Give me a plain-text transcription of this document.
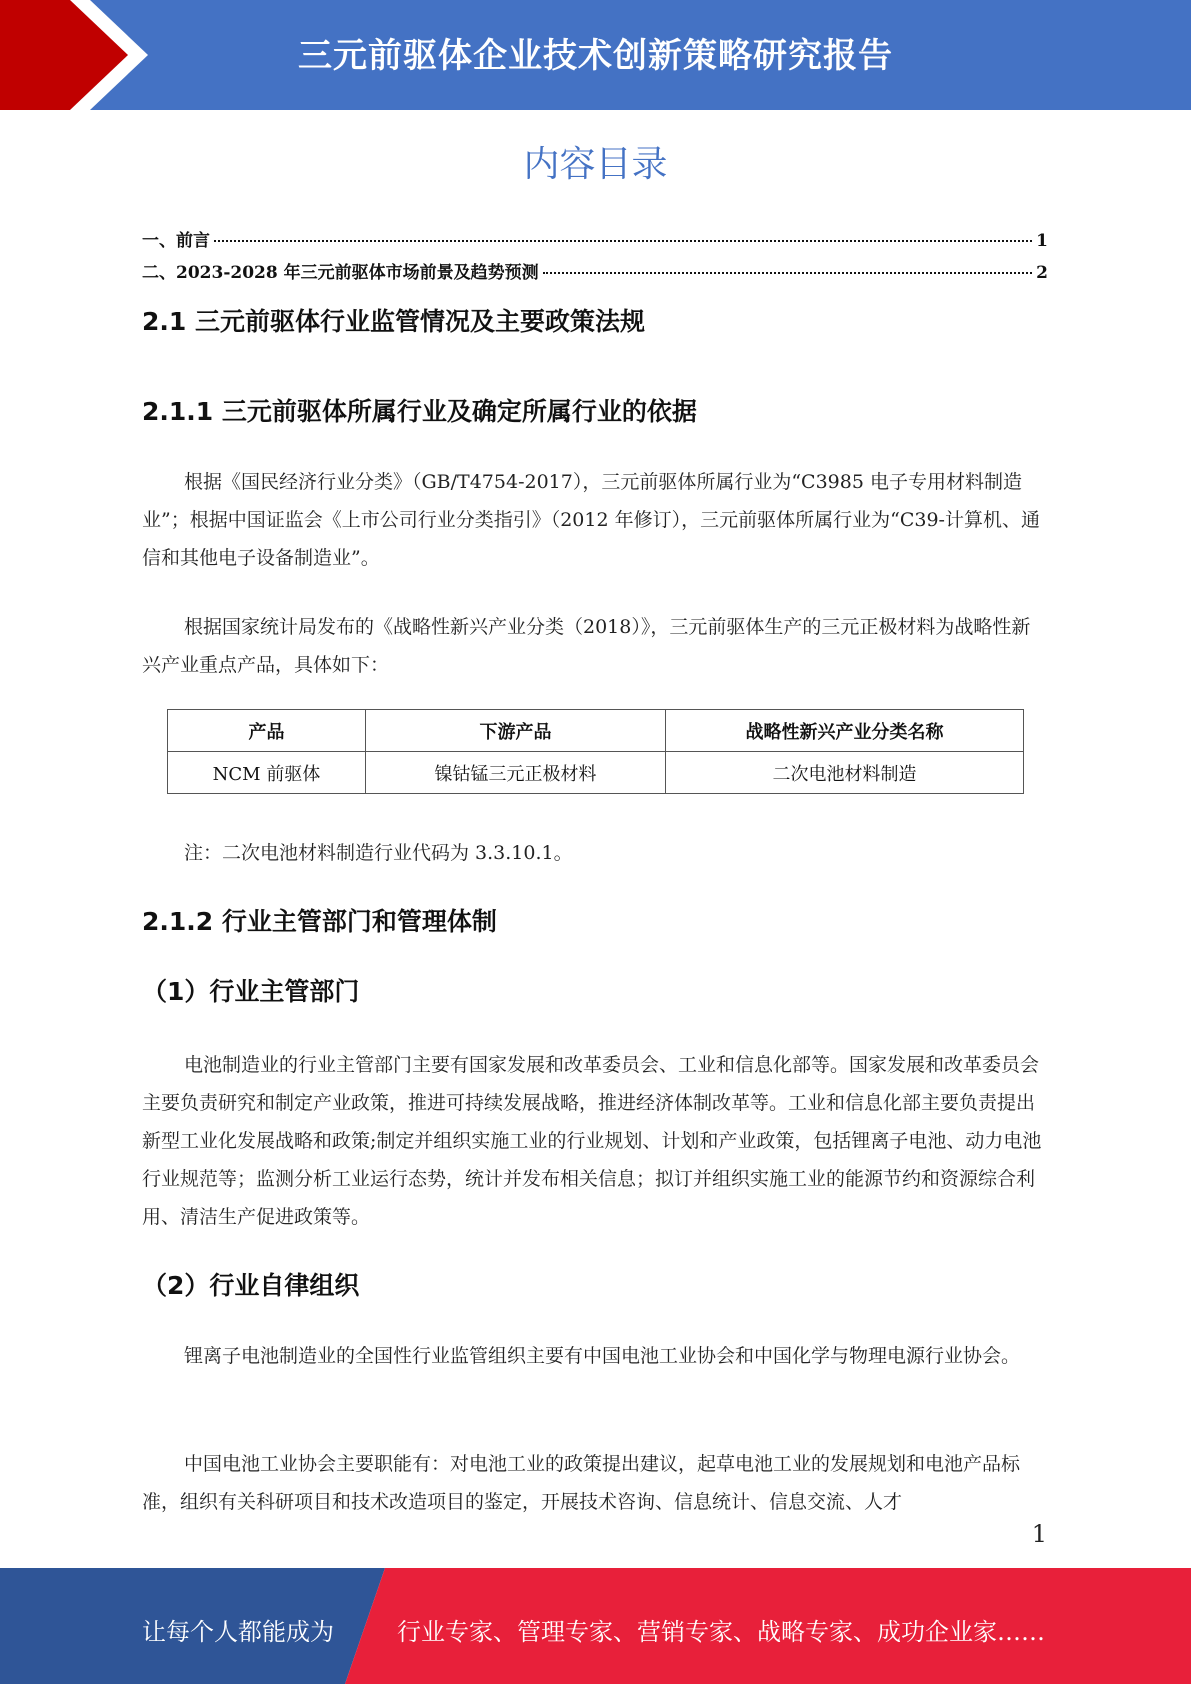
三元前驱体企业技术创新策略研究报告
内容目录
一、前言	1
二、2023-2028 年三元前驱体市场前景及趋势预测	2
2.1 三元前驱体行业监管情况及主要政策法规
2.1.1 三元前驱体所属行业及确定所属行业的依据

根据《国民经济行业分类》（GB/T4754-2017），三元前驱体所属行业为“C3985 电子专用材料制造业”；根据中国证监会《上市公司行业分类指引》（2012 年修订），三元前驱体所属行业为“C39-计算机、通信和其他电子设备制造业”。

根据国家统计局发布的《战略性新兴产业分类（2018）》，三元前驱体生产的三元正极材料为战略性新兴产业重点产品，具体如下：

产品	下游产品	战略性新兴产业分类名称
NCM 前驱体	镍钴锰三元正极材料	二次电池材料制造

注：二次电池材料制造行业代码为 3.3.10.1。

2.1.2 行业主管部门和管理体制
（1）行业主管部门

电池制造业的行业主管部门主要有国家发展和改革委员会、工业和信息化部等。国家发展和改革委员会主要负责研究和制定产业政策，推进可持续发展战略，推进经济体制改革等。工业和信息化部主要负责提出新型工业化发展战略和政策;制定并组织实施工业的行业规划、计划和产业政策，包括锂离子电池、动力电池行业规范等；监测分析工业运行态势，统计并发布相关信息；拟订并组织实施工业的能源节约和资源综合利用、清洁生产促进政策等。

（2）行业自律组织

锂离子电池制造业的全国性行业监管组织主要有中国电池工业协会和中国化学与物理电源行业协会。

中国电池工业协会主要职能有：对电池工业的政策提出建议，起草电池工业的发展规划和电池产品标准，组织有关科研项目和技术改造项目的鉴定，开展技术咨询、信息统计、信息交流、人才

1
让每个人都能成为	行业专家、管理专家、营销专家、战略专家、成功企业家……
